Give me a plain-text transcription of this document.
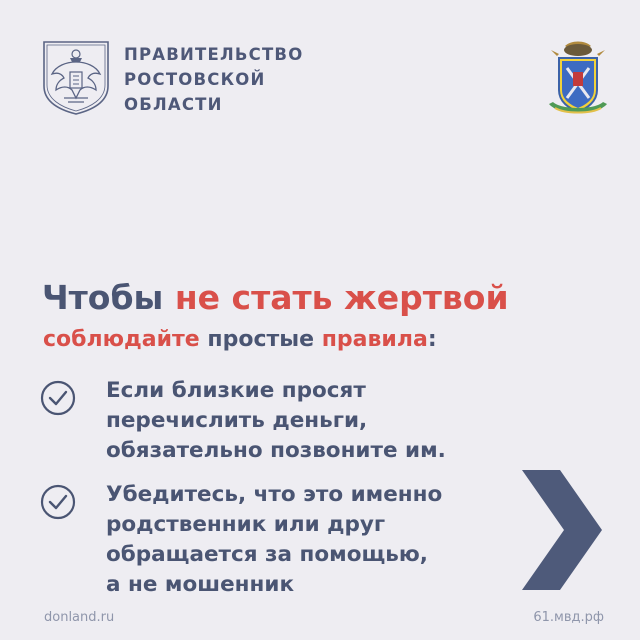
ПРАВИТЕЛЬСТВО
РОСТОВСКОЙ
ОБЛАСТИ
Чтобы не стать жертвой
соблюдайте простые правила:
Если близкие просят
перечислить деньги,
обязательно позвоните им.
Убедитесь, что это именно
родственник или друг
обращается за помощью,
а не мошенник
donland.ru	61.мвд.рф
